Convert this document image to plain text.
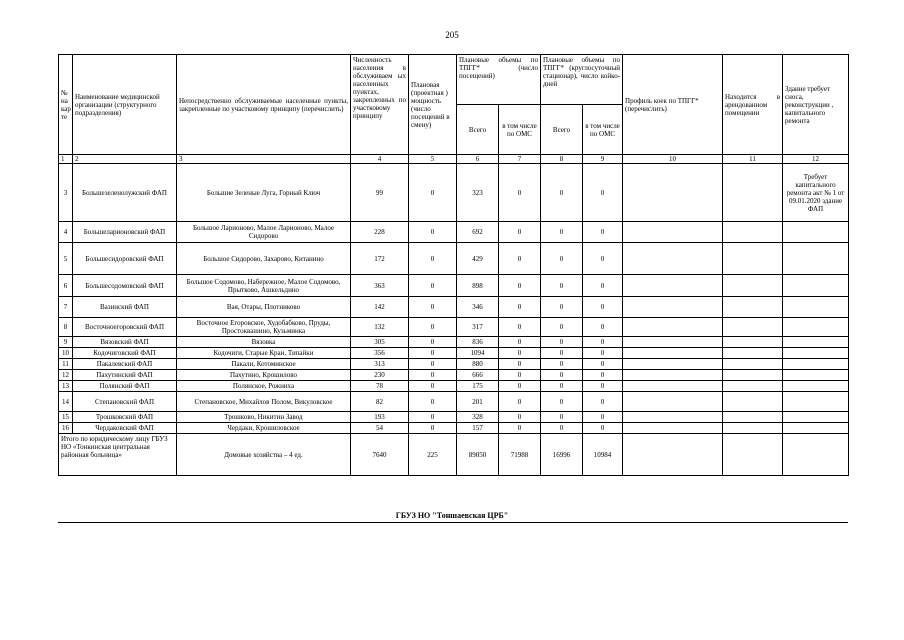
205
№ на кар те	Наименование медицинской организации (структурного подразделения)	Непосредственно обслуживаемые населенные пункты, закрепленные по участковому принципу (перечислить)	Численность населения в обслуживаем ых населенных пунктах, закрепленных по участковому принципу	Плановая (проектная ) мощность (число посещений в смену)	Плановые объемы по ТПГГ* (число посещений)		Плановые объемы по ТПГГ* (круглосуточный стационар), число койко-дней		Профиль коек по ТПГГ* (перечислить)	Находится в арендованном помещении	Здание требует сноса, реконструкции , капитального ремонта
					Всего	в том числе по ОМС	Всего	в том числе по ОМС			
1	2	3	4	5	6	7	8	9	10	11	12
3	Большезеленолужский ФАП	Большие Зеленые Луга, Горный Ключ	99	0	323	0	0	0			Требует капитального ремонта акт № 1 от 09.01.2020 здание ФАП
4	Большеларионовский ФАП	Большое Ларионово, Малое Ларионово, Малое Сидорово	228	0	692	0	0	0			
5	Большесидоровский ФАП	Большое Сидорово, Захарово, Китанино	172	0	429	0	0	0			
6	Большесодомовский ФАП	Большое Содомово, Набережное, Малое Содомово, Прытково, Ашкельдино	363	0	898	0	0	0			
7	Вазинский ФАП	Вая, Отары, Плотниково	142	0	346	0	0	0			
8	Восточноегоровский ФАП	Восточное Егоровское, Худобабково, Пруды, Простоквашино, Кузьминка	132	0	317	0	0	0			
9	Вязовский ФАП	Вязовка	305	0	836	0	0	0			
10	Кодочиговский ФАП	Кодочиги, Старые Краи, Типайки	356	0	1094	0	0	0			
11	Пакалевский ФАП	Пакали, Котоминское	313	0	880	0	0	0			
12	Пахутинский ФАП	Пахутино, Крошилово	230	0	666	0	0	0			
13	Полянский ФАП	Полянское, Рожниха	78	0	175	0	0	0			
14	Степановский ФАП	Степановское, Михайлов Полом, Викуловское	82	0	201	0	0	0			
15	Трошковский ФАП	Трошково, Никитин Завод	193	0	328	0	0	0			
16	Чердаковский ФАП	Чердаки, Крошиловское	54	0	157	0	0	0			
Итого по юридическому лицу ГБУЗ НО «Тонкинская центральная районная больница»		Домовые хозяйства – 4 ед.	7640	225	89050	71988	16996	10984			
ГБУЗ НО "Тоншаевская ЦРБ"
